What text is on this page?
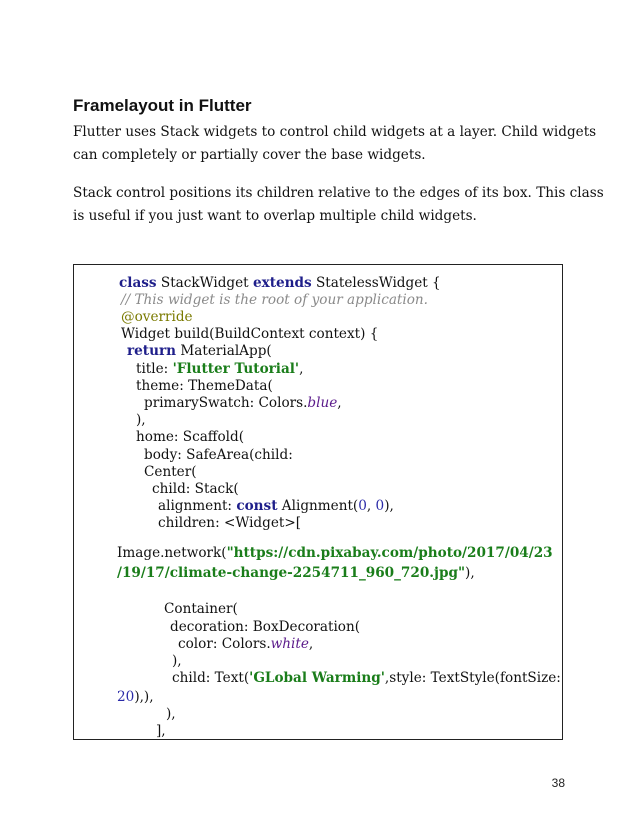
Framelayout in Flutter

Flutter uses Stack widgets to control child widgets at a layer. Child widgets
can completely or partially cover the base widgets.

Stack control positions its children relative to the edges of its box. This class
is useful if you just want to overlap multiple child widgets.

class StackWidget extends StatelessWidget {
// This widget is the root of your application.
@override
Widget build(BuildContext context) {
return MaterialApp(
title: 'Flutter Tutorial',
theme: ThemeData(
primarySwatch: Colors.blue,
),
home: Scaffold(
body: SafeArea(child:
Center(
child: Stack(
alignment: const Alignment(0, 0),
children: <Widget>[
Image.network("https://cdn.pixabay.com/photo/2017/04/23
/19/17/climate-change-2254711_960_720.jpg"),
Container(
decoration: BoxDecoration(
color: Colors.white,
),
child: Text('GLobal Warming',style: TextStyle(fontSize:
20),),
),
],
38
